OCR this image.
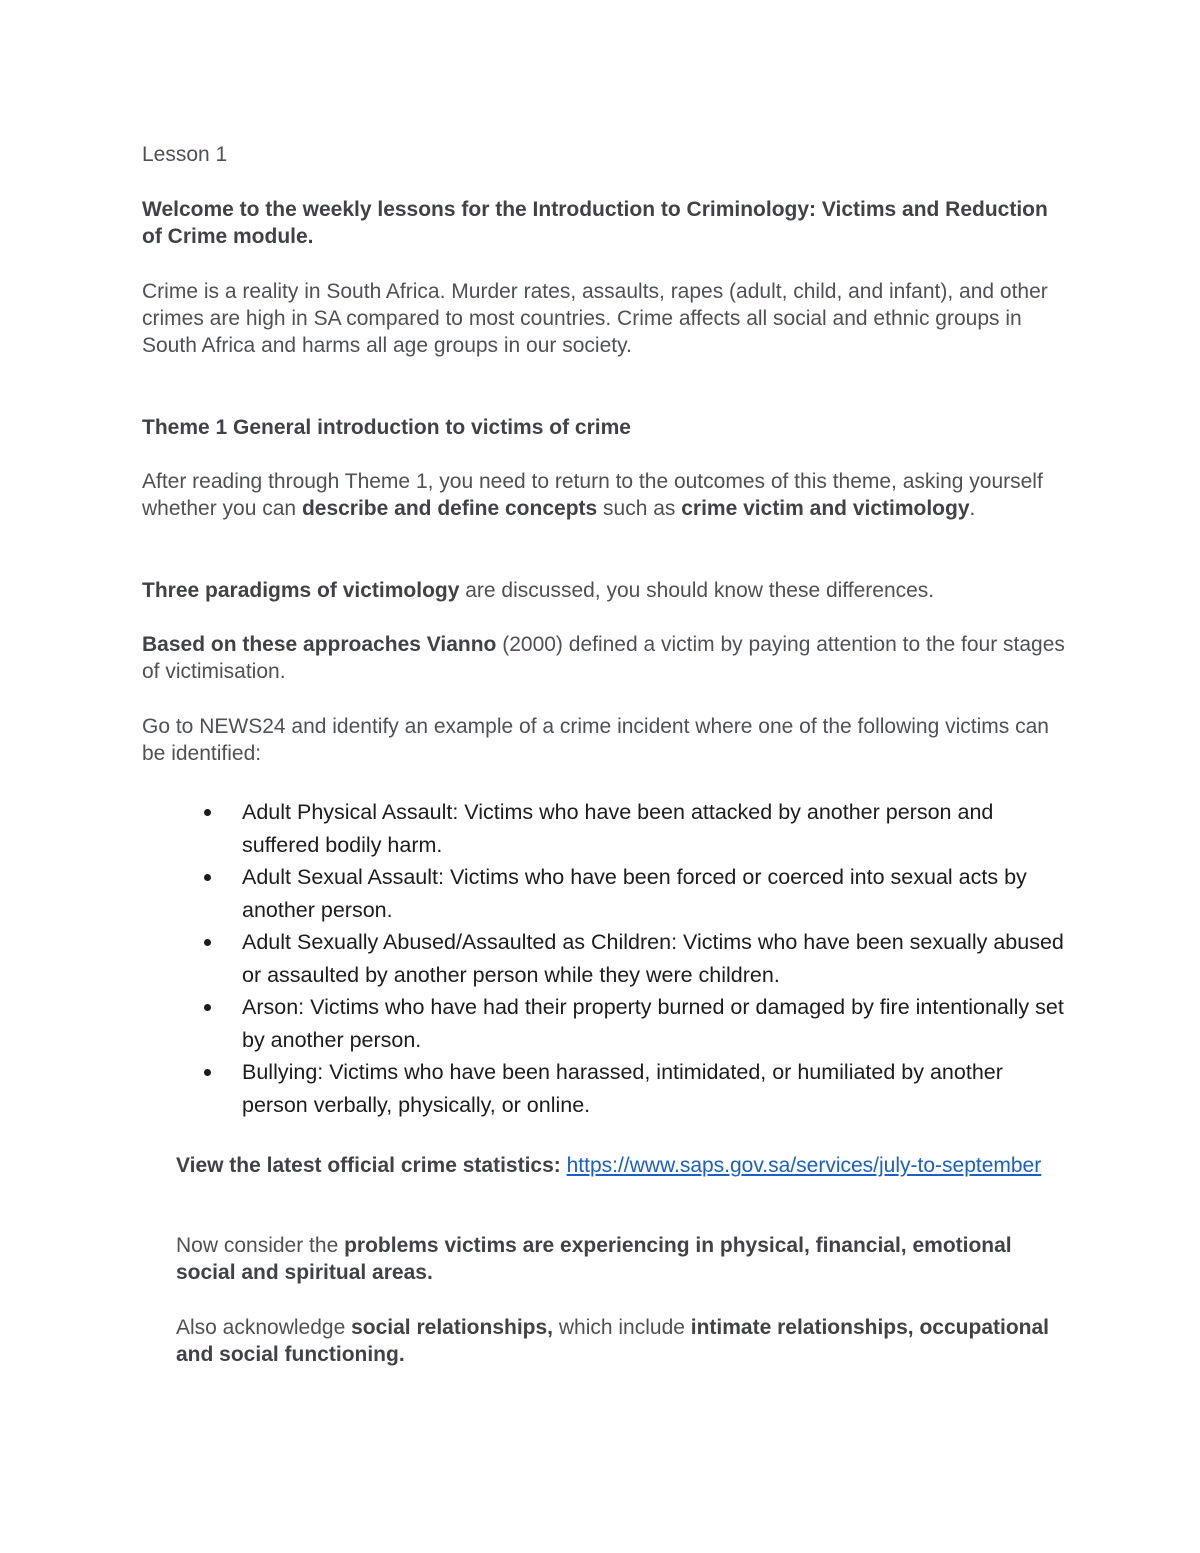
Lesson 1

Welcome to the weekly lessons for the Introduction to Criminology: Victims and Reduction of Crime module.

Crime is a reality in South Africa. Murder rates, assaults, rapes (adult, child, and infant), and other crimes are high in SA compared to most countries. Crime affects all social and ethnic groups in South Africa and harms all age groups in our society.

Theme 1 General introduction to victims of crime

After reading through Theme 1, you need to return to the outcomes of this theme, asking yourself whether you can describe and define concepts such as crime victim and victimology.

Three paradigms of victimology are discussed, you should know these differences.

Based on these approaches Vianno (2000) defined a victim by paying attention to the four stages of victimisation.

Go to NEWS24 and identify an example of a crime incident where one of the following victims can be identified:

Adult Physical Assault: Victims who have been attacked by another person and suffered bodily harm.
Adult Sexual Assault: Victims who have been forced or coerced into sexual acts by another person.
Adult Sexually Abused/Assaulted as Children: Victims who have been sexually abused or assaulted by another person while they were children.
Arson: Victims who have had their property burned or damaged by fire intentionally set by another person.
Bullying: Victims who have been harassed, intimidated, or humiliated by another person verbally, physically, or online.

View the latest official crime statistics: https://www.saps.gov.sa/services/july-to-september

Now consider the problems victims are experiencing in physical, financial, emotional social and spiritual areas.

Also acknowledge social relationships, which include intimate relationships, occupational and social functioning.
